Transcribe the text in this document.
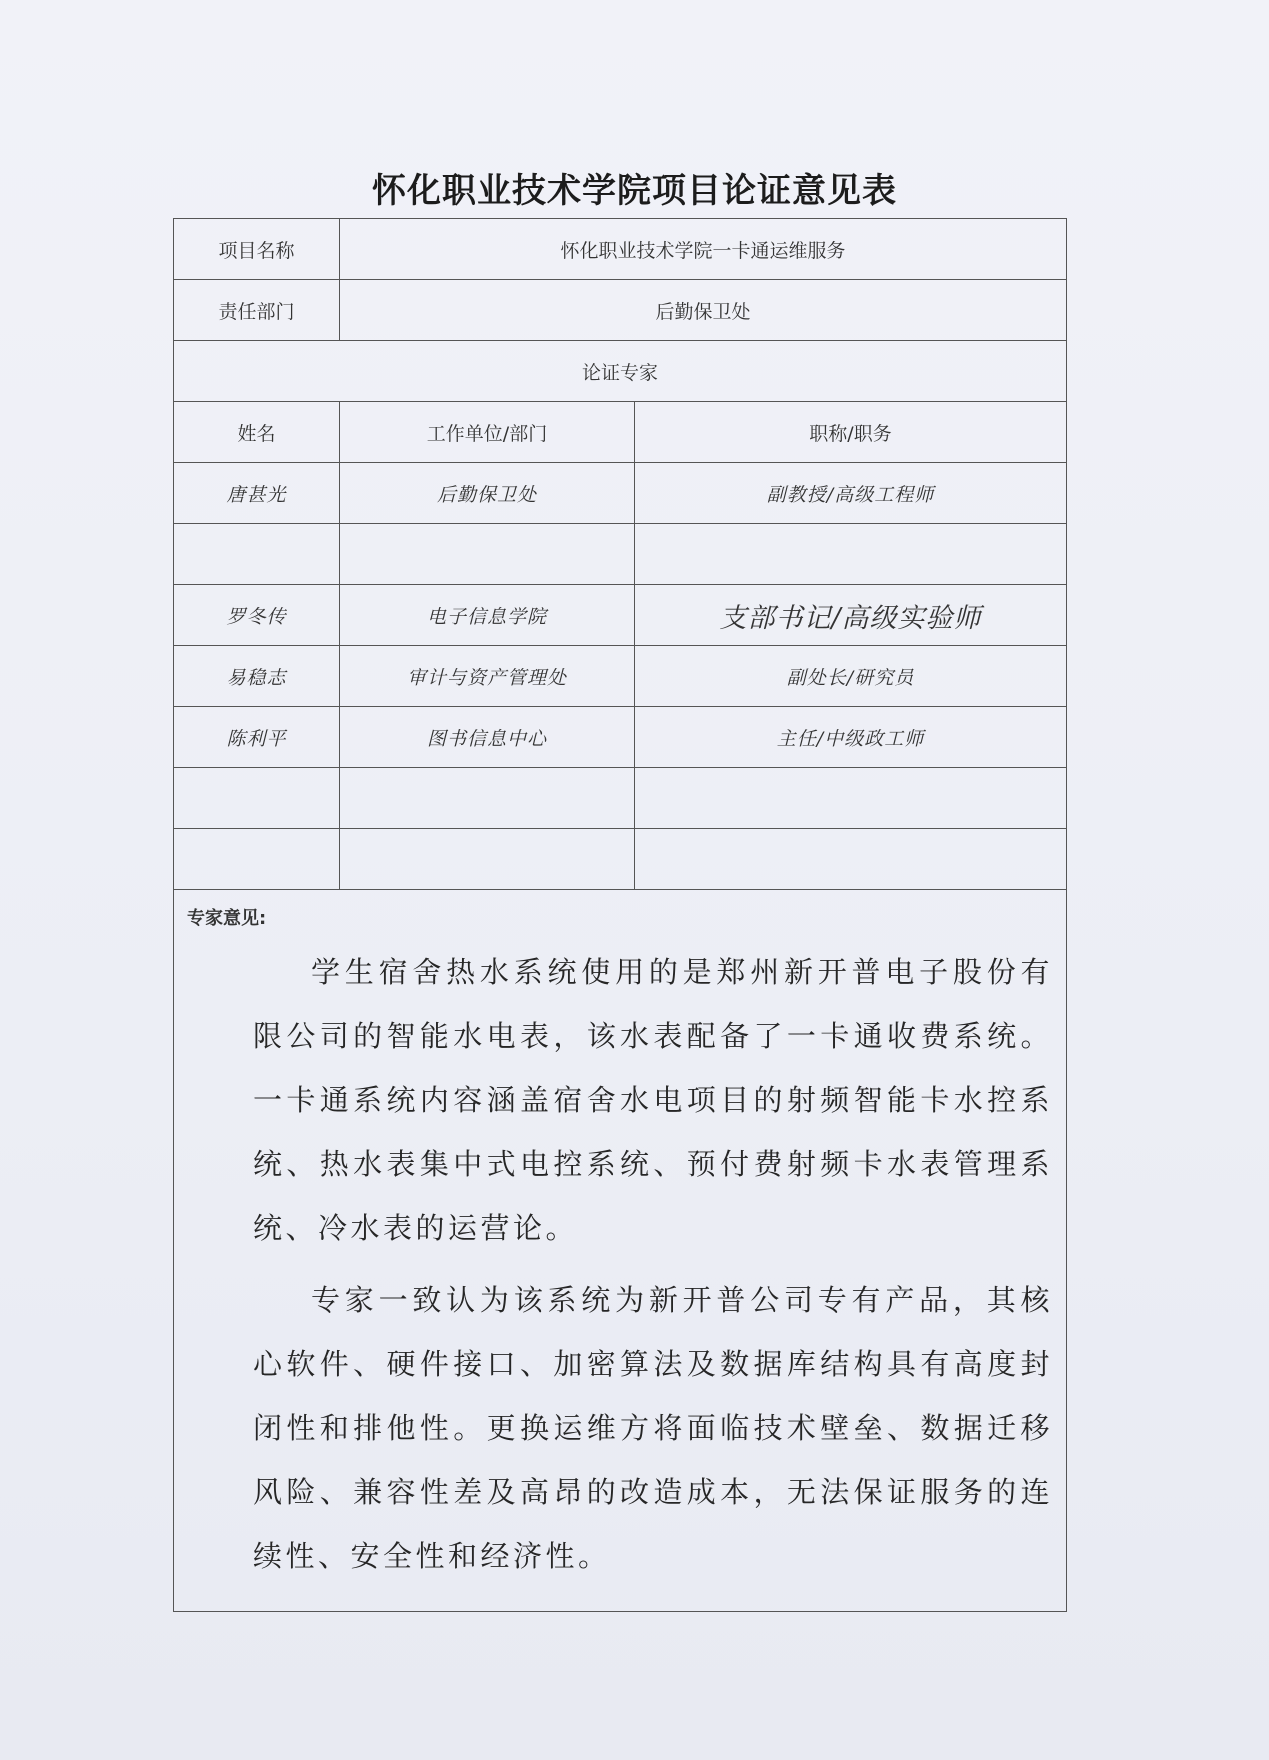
怀化职业技术学院项目论证意见表
项目名称	怀化职业技术学院一卡通运维服务	
责任部门	后勤保卫处	
论证专家		
姓名	工作单位/部门	职称/职务
唐甚光	后勤保卫处	副教授/高级工程师

罗冬传	电子信息学院	支部书记/高级实验师
易稳志	审计与资产管理处	副处长/研究员
陈利平	图书信息中心	主任/中级政工师

专家意见:

学生宿舍热水系统使用的是郑州新开普电子股份有限公司的智能水电表，该水表配备了一卡通收费系统。一卡通系统内容涵盖宿舍水电项目的射频智能卡水控系统、热水表集中式电控系统、预付费射频卡水表管理系统、冷水表的运营论。

专家一致认为该系统为新开普公司专有产品，其核心软件、硬件接口、加密算法及数据库结构具有高度封闭性和排他性。更换运维方将面临技术壁垒、数据迁移风险、兼容性差及高昂的改造成本，无法保证服务的连续性、安全性和经济性。		
